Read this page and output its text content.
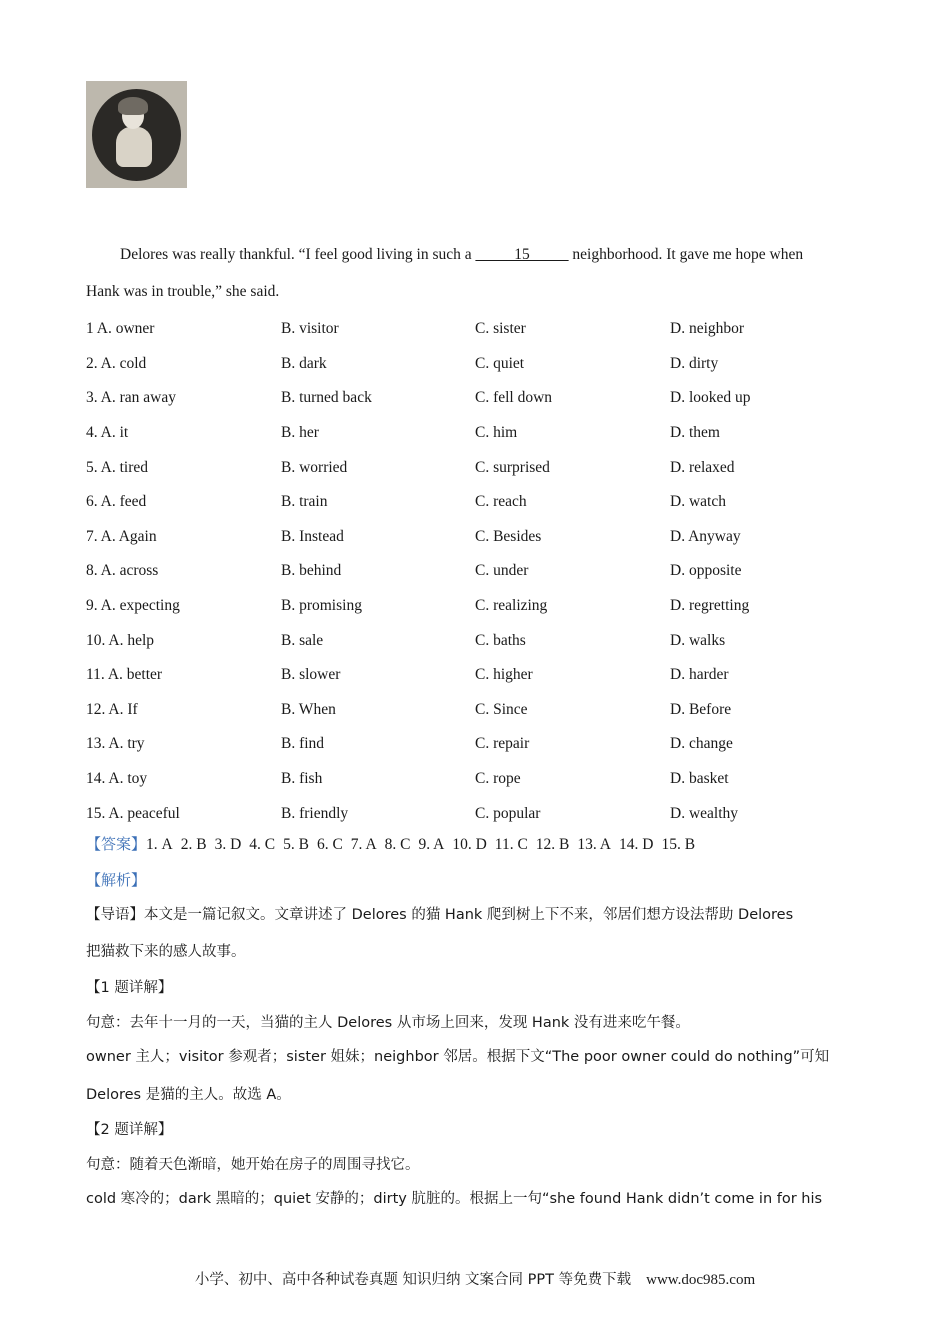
Delores was really thankful. “I feel good living in such a _____15_____ neighborhood. It gave me hope when
Hank was in trouble,” she said.
1 A. owner	B. visitor	C. sister	D. neighbor
2. A. cold	B. dark	C. quiet	D. dirty
3. A. ran away	B. turned back	C. fell down	D. looked up
4. A. it	B. her	C. him	D. them
5. A. tired	B. worried	C. surprised	D. relaxed
6. A. feed	B. train	C. reach	D. watch
7. A. Again	B. Instead	C. Besides	D. Anyway
8. A. across	B. behind	C. under	D. opposite
9. A. expecting	B. promising	C. realizing	D. regretting
10. A. help	B. sale	C. baths	D. walks
11. A. better	B. slower	C. higher	D. harder
12. A. If	B. When	C. Since	D. Before
13. A. try	B. find	C. repair	D. change
14. A. toy	B. fish	C. rope	D. basket
15. A. peaceful	B. friendly	C. popular	D. wealthy
【答案】1. A 2. B 3. D 4. C 5. B 6. C 7. A 8. C 9. A 10. D 11. C 12. B 13. A 14. D 15. B
【解析】
【导语】本文是一篇记叙文。文章讲述了 Delores 的猫 Hank 爬到树上下不来，邻居们想方设法帮助 Delores
把猫救下来的感人故事。
【1 题详解】
句意：去年十一月的一天，当猫的主人 Delores 从市场上回来，发现 Hank 没有进来吃午餐。
owner 主人；visitor 参观者；sister 姐妹；neighbor 邻居。根据下文“The poor owner could do nothing”可知
Delores 是猫的主人。故选 A。
【2 题详解】
句意：随着天色渐暗，她开始在房子的周围寻找它。
cold 寒冷的；dark 黑暗的；quiet 安静的；dirty 肮脏的。根据上一句“she found Hank didn’t come in for his
小学、初中、高中各种试卷真题 知识归纳 文案合同 PPT 等免费下载 www.doc985.com
